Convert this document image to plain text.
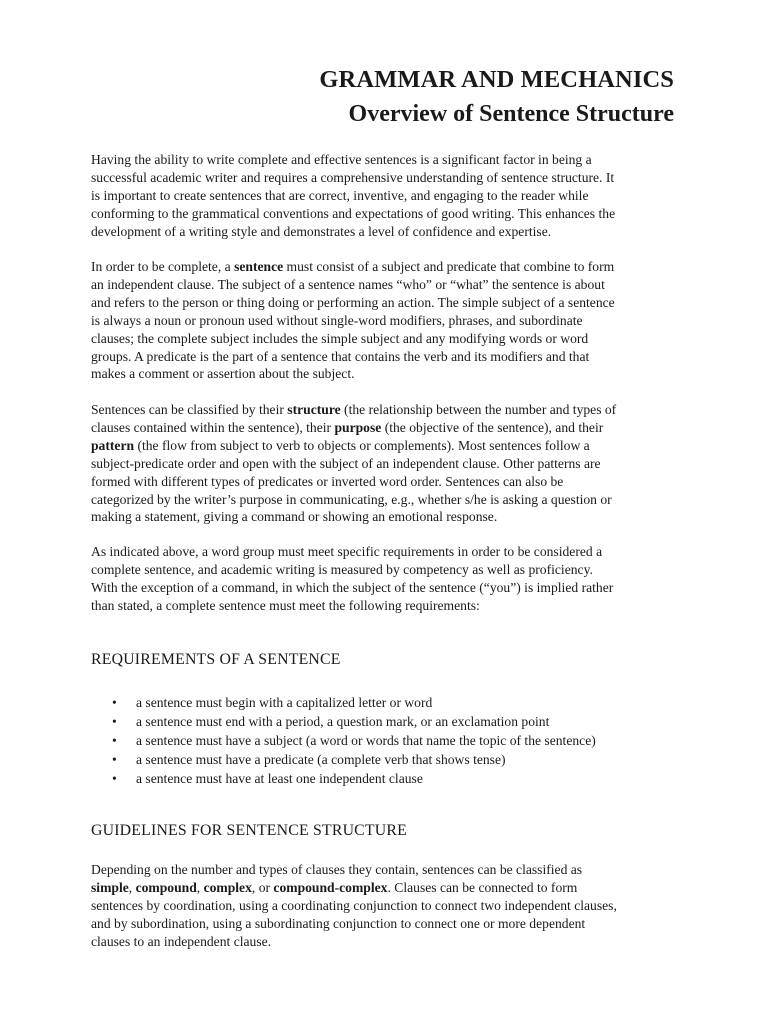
GRAMMAR AND MECHANICS
Overview of Sentence Structure

Having the ability to write complete and effective sentences is a significant factor in being a
successful academic writer and requires a comprehensive understanding of sentence structure. It
is important to create sentences that are correct, inventive, and engaging to the reader while
conforming to the grammatical conventions and expectations of good writing. This enhances the
development of a writing style and demonstrates a level of confidence and expertise.

In order to be complete, a sentence must consist of a subject and predicate that combine to form
an independent clause. The subject of a sentence names “who” or “what” the sentence is about
and refers to the person or thing doing or performing an action. The simple subject of a sentence
is always a noun or pronoun used without single-word modifiers, phrases, and subordinate
clauses; the complete subject includes the simple subject and any modifying words or word
groups. A predicate is the part of a sentence that contains the verb and its modifiers and that
makes a comment or assertion about the subject.

Sentences can be classified by their structure (the relationship between the number and types of
clauses contained within the sentence), their purpose (the objective of the sentence), and their
pattern (the flow from subject to verb to objects or complements). Most sentences follow a
subject-predicate order and open with the subject of an independent clause. Other patterns are
formed with different types of predicates or inverted word order. Sentences can also be
categorized by the writer’s purpose in communicating, e.g., whether s/he is asking a question or
making a statement, giving a command or showing an emotional response.

As indicated above, a word group must meet specific requirements in order to be considered a
complete sentence, and academic writing is measured by competency as well as proficiency.
With the exception of a command, in which the subject of the sentence (“you”) is implied rather
than stated, a complete sentence must meet the following requirements:

REQUIREMENTS OF A SENTENCE
• a sentence must begin with a capitalized letter or word
• a sentence must end with a period, a question mark, or an exclamation point
• a sentence must have a subject (a word or words that name the topic of the sentence)
• a sentence must have a predicate (a complete verb that shows tense)
• a sentence must have at least one independent clause
GUIDELINES FOR SENTENCE STRUCTURE

Depending on the number and types of clauses they contain, sentences can be classified as
simple, compound, complex, or compound-complex. Clauses can be connected to form
sentences by coordination, using a coordinating conjunction to connect two independent clauses,
and by subordination, using a subordinating conjunction to connect one or more dependent
clauses to an independent clause.
